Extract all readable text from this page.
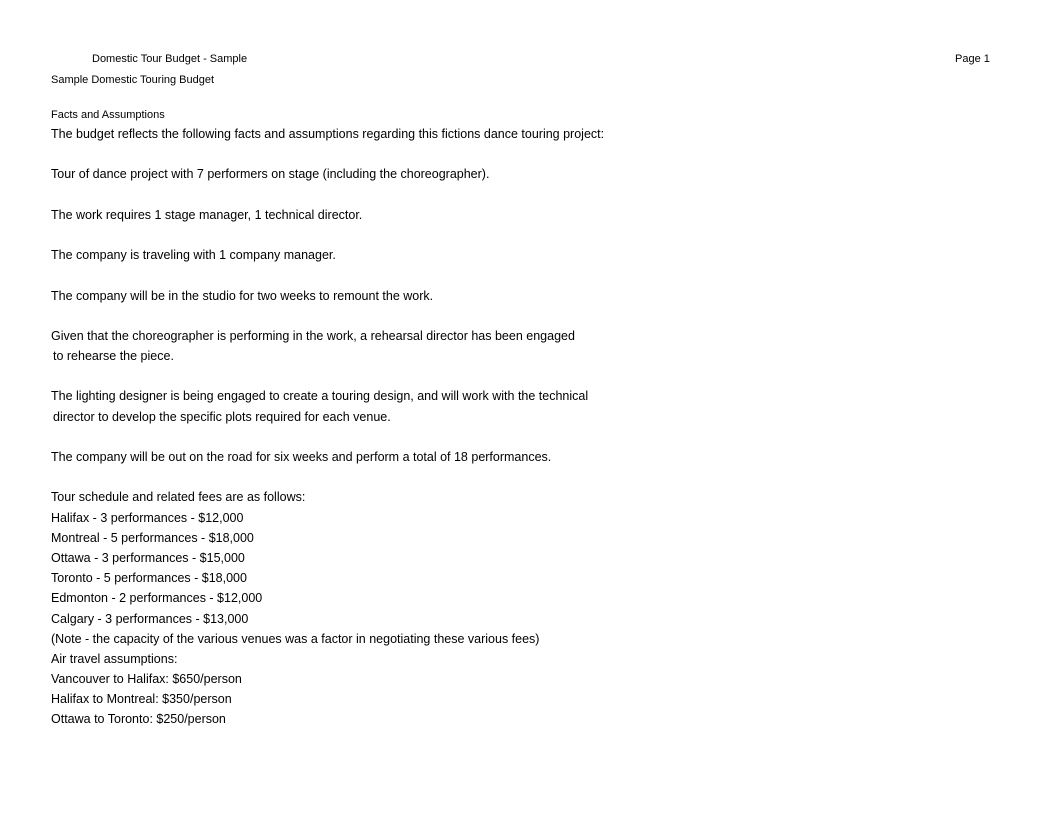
Domestic Tour Budget - Sample	Page 1
Sample Domestic Touring Budget
Facts and Assumptions
The budget reflects the following facts and assumptions regarding this fictions dance touring project:
Tour of dance project with 7 performers on stage (including the choreographer).
The work requires 1 stage manager, 1 technical director.
The company is traveling with 1 company manager.
The company will be in the studio for two weeks to remount the work.
Given that the choreographer is performing in the work, a rehearsal director has been engaged
to rehearse the piece.
The lighting designer is being engaged to create a touring design, and will work with the technical
director to develop the specific plots required for each venue.
The company will be out on the road for six weeks and perform a total of 18 performances.
Tour schedule and related fees are as follows:
Halifax - 3 performances - $12,000
Montreal - 5 performances - $18,000
Ottawa - 3 performances - $15,000
Toronto - 5 performances - $18,000
Edmonton - 2 performances - $12,000
Calgary - 3 performances - $13,000
(Note - the capacity of the various venues was a factor in negotiating these various fees)
Air travel assumptions:
Vancouver to Halifax: $650/person
Halifax to Montreal: $350/person
Ottawa to Toronto: $250/person
